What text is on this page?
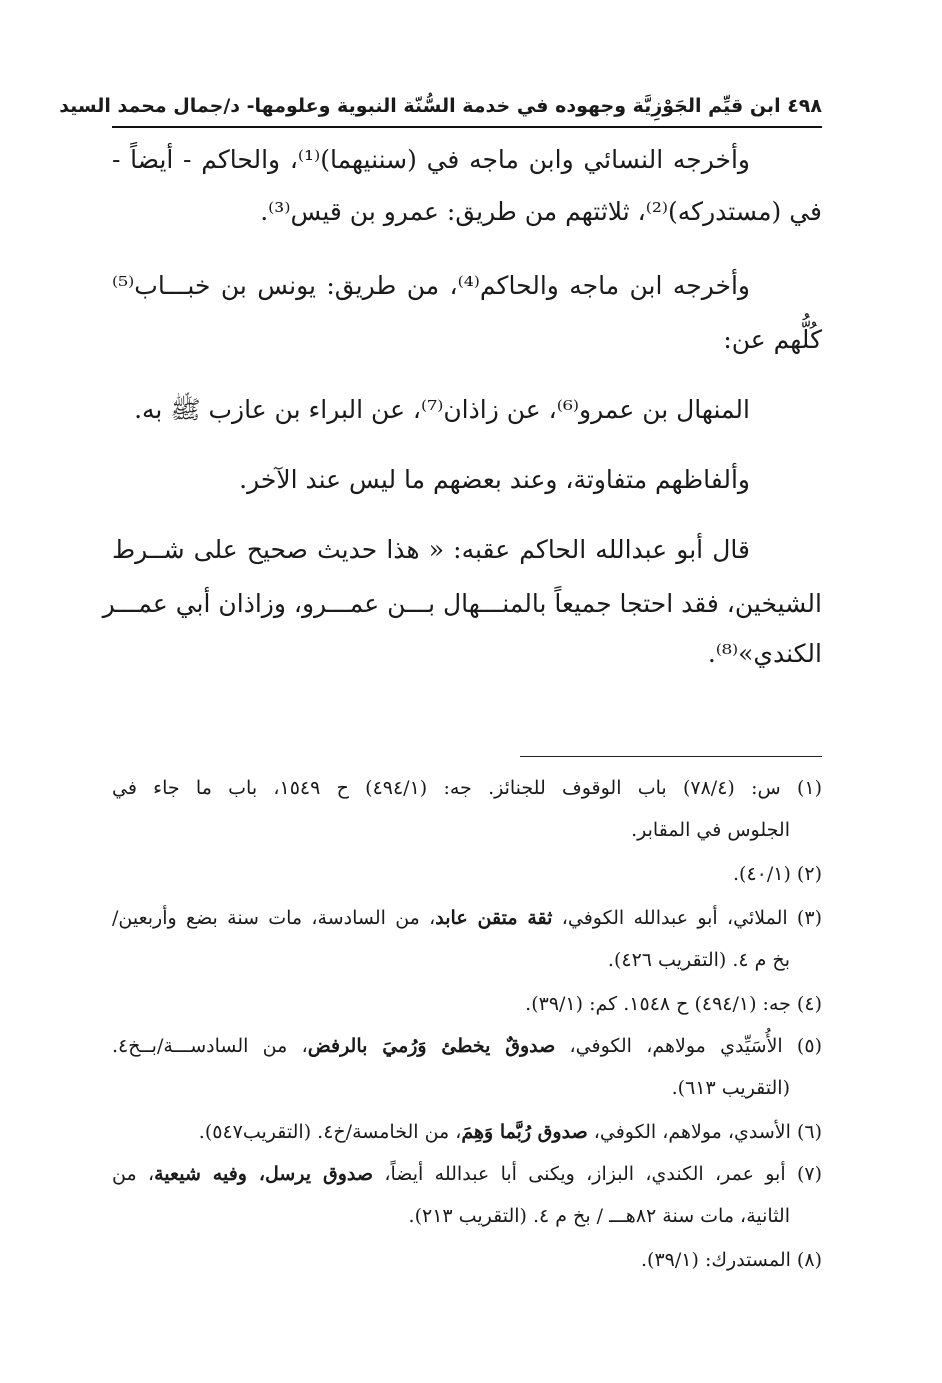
٤٩٨ ابن قيِّم الجَوْزِيَّة وجهوده في خدمة السُّنّة النبوية وعلومها- د/جمال محمد السيد
وأخرجه النسائي وابن ماجه في (سننيهما)⁽¹⁾، والحاكم - أيضاً -
في (مستدركه)⁽²⁾، ثلاثتهم من طريق: عمرو بن قيس⁽³⁾.
وأخرجه ابن ماجه والحاكم⁽⁴⁾، من طريق: يونس بن خبـــاب⁽⁵⁾
كُلُّهم عن:
المنهال بن عمرو⁽⁶⁾، عن زاذان⁽⁷⁾، عن البراء بن عازب ﷺ به.
وألفاظهم متفاوتة، وعند بعضهم ما ليس عند الآخر.
قال أبو عبدالله الحاكم عقبه: « هذا حديث صحيح على شــرط
الشيخين، فقد احتجا جميعاً بالمنـــهال بـــن عمـــرو، وزاذان أبي عمـــر
الكندي»⁽⁸⁾.
(١) س: (٧٨/٤) باب الوقوف للجنائز. جه: (٤٩٤/١) ح ١٥٤٩، باب ما جاء في
الجلوس في المقابر.
(٢) (٤٠/١).
(٣) الملائي، أبو عبدالله الكوفي، ثقة متقن عابد، من السادسة، مات سنة بضع وأربعين/
بخ م ٤. (التقريب ٤٢٦).
(٤) جه: (٤٩٤/١) ح ١٥٤٨. كم: (٣٩/١).
(٥) الأُسَيِّدي مولاهم، الكوفي، صدوقٌ يخطئ وَرُميَ بالرفض، من السادســـة/بــخ٤.
(التقريب ٦١٣).
(٦) الأسدي، مولاهم، الكوفي، صدوق رُبَّما وَهِمَ، من الخامسة/خ٤. (التقريب٥٤٧).
(٧) أبو عمر، الكندي، البزاز، ويكنى أبا عبدالله أيضاً، صدوق يرسل، وفيه شيعية، من
الثانية، مات سنة ٨٢هـــ / بخ م ٤. (التقريب ٢١٣).
(٨) المستدرك: (٣٩/١).
